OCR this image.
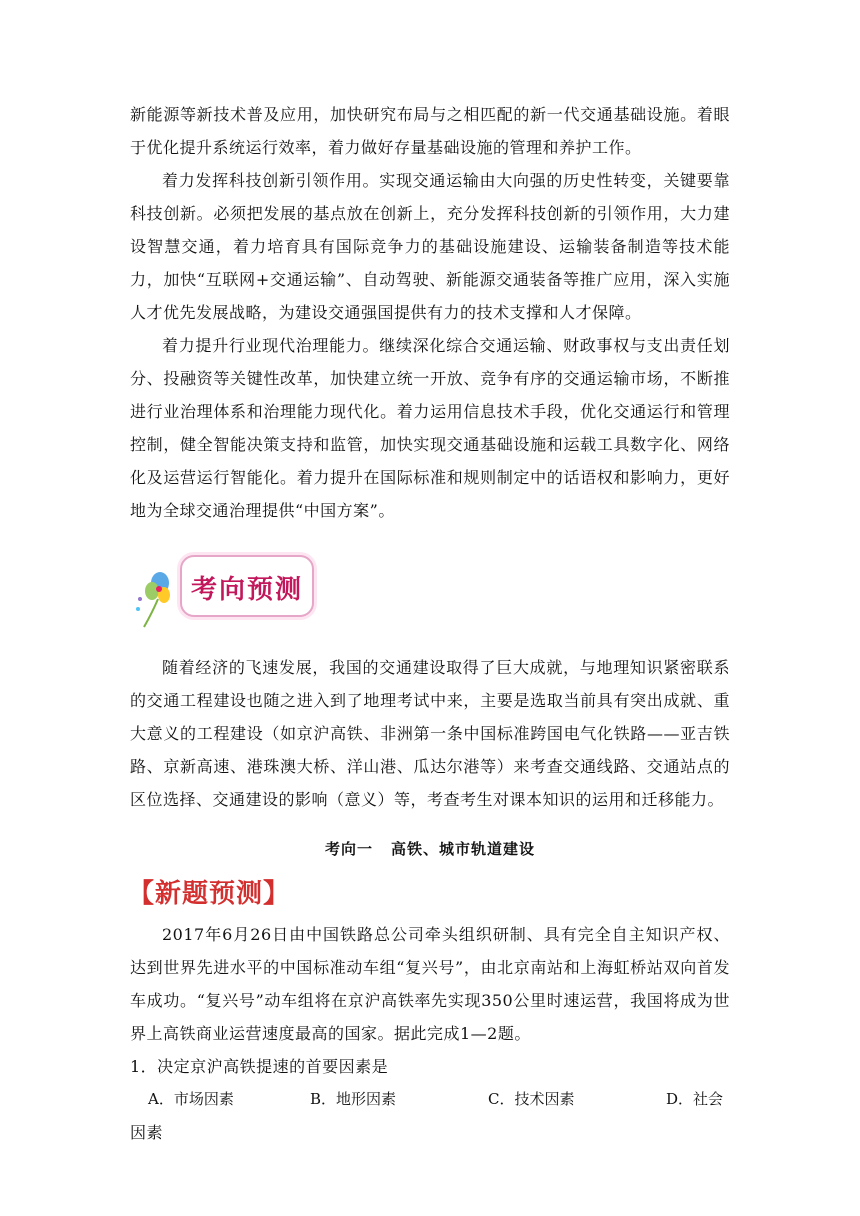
新能源等新技术普及应用，加快研究布局与之相匹配的新一代交通基础设施。着眼于优化提升系统运行效率，着力做好存量基础设施的管理和养护工作。

着力发挥科技创新引领作用。实现交通运输由大向强的历史性转变，关键要靠科技创新。必须把发展的基点放在创新上，充分发挥科技创新的引领作用，大力建设智慧交通，着力培育具有国际竞争力的基础设施建设、运输装备制造等技术能力，加快“互联网+交通运输”、自动驾驶、新能源交通装备等推广应用，深入实施人才优先发展战略，为建设交通强国提供有力的技术支撑和人才保障。

着力提升行业现代治理能力。继续深化综合交通运输、财政事权与支出责任划分、投融资等关键性改革，加快建立统一开放、竞争有序的交通运输市场，不断推进行业治理体系和治理能力现代化。着力运用信息技术手段，优化交通运行和管理控制，健全智能决策支持和监管，加快实现交通基础设施和运载工具数字化、网络化及运营运行智能化。着力提升在国际标准和规则制定中的话语权和影响力，更好地为全球交通治理提供“中国方案”。

考向预测

随着经济的飞速发展，我国的交通建设取得了巨大成就，与地理知识紧密联系的交通工程建设也随之进入到了地理考试中来，主要是选取当前具有突出成就、重大意义的工程建设（如京沪高铁、非洲第一条中国标准跨国电气化铁路——亚吉铁路、京新高速、港珠澳大桥、洋山港、瓜达尔港等）来考查交通线路、交通站点的区位选择、交通建设的影响（意义）等，考查考生对课本知识的运用和迁移能力。

考向一 高铁、城市轨道建设
【新题预测】

2017年6月26日由中国铁路总公司牵头组织研制、具有完全自主知识产权、达到世界先进水平的中国标准动车组“复兴号”，由北京南站和上海虹桥站双向首发车成功。“复兴号”动车组将在京沪高铁率先实现350公里时速运营，我国将成为世界上高铁商业运营速度最高的国家。据此完成1—2题。

1．决定京沪高铁提速的首要因素是

A．市场因素	B．地形因素	C．技术因素	D．社会

因素
